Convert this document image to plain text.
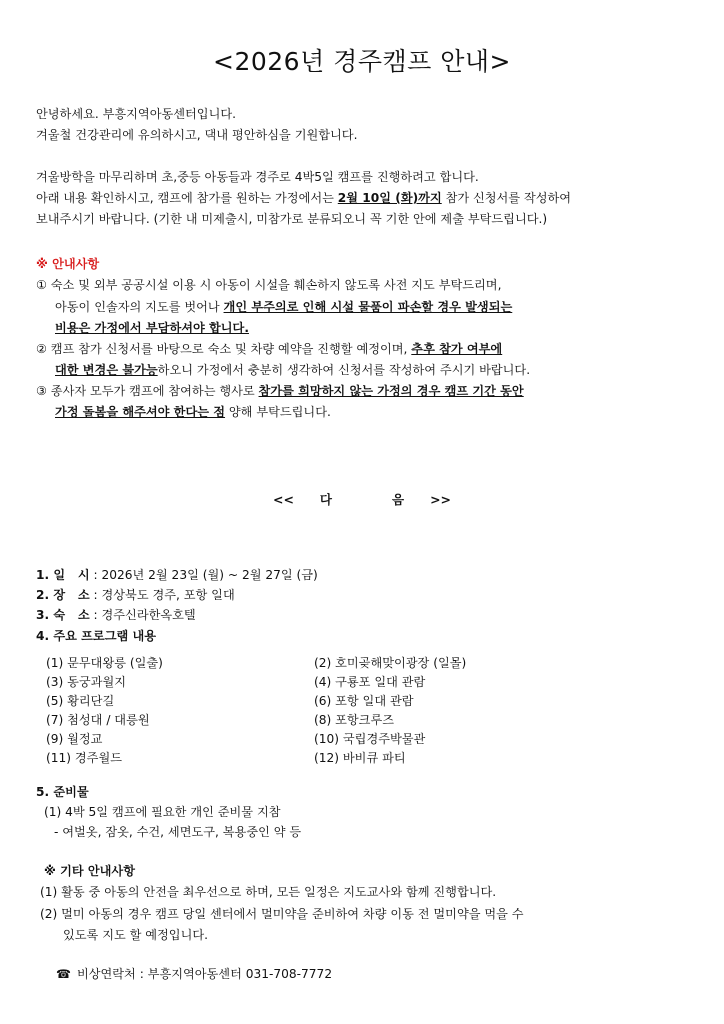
<2026년 경주캠프 안내>
안녕하세요. 부흥지역아동센터입니다.
겨울철 건강관리에 유의하시고, 댁내 평안하심을 기원합니다.
겨울방학을 마무리하며 초,중등 아동들과 경주로 4박5일 캠프를 진행하려고 합니다.
아래 내용 확인하시고, 캠프에 참가를 원하는 가정에서는 2월 10일 (화)까지 참가 신청서를 작성하여
보내주시기 바랍니다. (기한 내 미제출시, 미참가로 분류되오니 꼭 기한 안에 제출 부탁드립니다.)
※ 안내사항
① 숙소 및 외부 공공시설 이용 시 아동이 시설을 훼손하지 않도록 사전 지도 부탁드리며,
아동이 인솔자의 지도를 벗어나 개인 부주의로 인해 시설 물품이 파손할 경우 발생되는
비용은 가정에서 부담하셔야 합니다.
② 캠프 참가 신청서를 바탕으로 숙소 및 차량 예약을 진행할 예정이며, 추후 참가 여부에
대한 변경은 불가능하오니 가정에서 충분히 생각하여 신청서를 작성하여 주시기 바랍니다.
③ 종사자 모두가 캠프에 참여하는 행사로 참가를 희망하지 않는 가정의 경우 캠프 기간 동안
가정 돌봄을 해주셔야 한다는 점 양해 부탁드립니다.
<< 다	음 >>
1. 일   시 : 2026년 2월 23일 (월) ~ 2월 27일 (금)
2. 장   소 : 경상북도 경주, 포항 일대
3. 숙   소 : 경주신라한옥호텔
4. 주요 프로그램 내용
(1) 문무대왕릉 (일출)	(2) 호미곶해맞이광장 (일몰)
(3) 동궁과월지	(4) 구룡포 일대 관람
(5) 황리단길	(6) 포항 일대 관람
(7) 첨성대 / 대릉원	(8) 포항크루즈
(9) 월정교	(10) 국립경주박물관
(11) 경주월드	(12) 바비큐 파티
5. 준비물
(1) 4박 5일 캠프에 필요한 개인 준비물 지참
- 여벌옷, 잠옷, 수건, 세면도구, 복용중인 약 등
※ 기타 안내사항
(1) 활동 중 아동의 안전을 최우선으로 하며, 모든 일정은 지도교사와 함께 진행합니다.
(2) 멀미 아동의 경우 캠프 당일 센터에서 멀미약을 준비하여 차량 이동 전 멀미약을 먹을 수
있도록 지도 할 예정입니다.
☎ 비상연락처 : 부흥지역아동센터 031-708-7772
